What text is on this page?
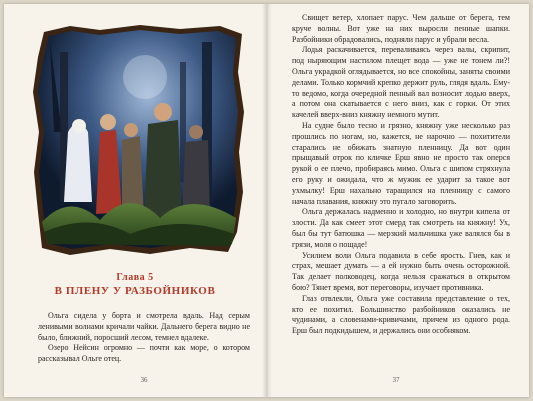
Глава 5
В ПЛЕНУ У РАЗБОЙНИКОВ

Ольга сидела у борта и смотрела вдаль. Над серым ленивыми волнами кричали чайки. Дальнего берега видно не было, ближний, поросший лесом, темнел вдалеке.

Озеро Нейсин огромно — почти как море, о котором рассказывал Ольге отец.

36

Свищет ветер, хлопает парус. Чем дальше от берега, тем круче волны. Вот уже на них выросли пенные шапки. Разбойники обрадовались, подняли парус и убрали весла.

Лодья раскачивается, переваливаясь через валы, скрипит, под ныряющим настилом плещет вода — уже не тонем ли?! Ольга украдкой оглядывается, но все спокойны, заняты своими делами. Только кормчий крепко держит руль, глядя вдаль. Ему-то ведомо, когда очередной пенный вал возносит лодью вверх, а потом она скатывается с него вниз, как с горки. От этих качелей вверх-вниз княжну немного мутит.

На судне было тесно и грязно, княжну уже несколько раз прошлись по ногам, но, кажется, не нарочно — похитители старались не обижать знатную пленницу. Да вот один прыщавый отрок по кличке Ерш явно не просто так оперся рукой о ее плечо, пробираясь мимо. Ольга с шипом стряхнула его руку и ожидала, что ж мужик ее ударит за такое вот ухмылку! Ерш нахально таращился на пленницу с самого начала плавания, княжну это пугало заговорить.

Ольга держалась надменно и холодно, но внутри кипела от злости. Да как смеет этот смерд так смотреть на княжну! Ух, был бы тут батюшка — мерзкий мальчишка уже валялся бы в грязи, моля о пощаде!

Усилием воли Ольга подавила в себе ярость. Гнев, как и страх, мешает думать — а ей нужно быть очень осторожной. Так делает полководец, когда нельзя сражаться в открытом бою? Тянет время, вот переговоры, изучает противника.

Глаз отвлекли, Ольга уже составила представление о тех, кто ее похитил. Большинство разбойников оказались не чудинами, а словенами-кривичами, причем из одного рода. Ерш был подкидышем, и держались они особняком.

37
